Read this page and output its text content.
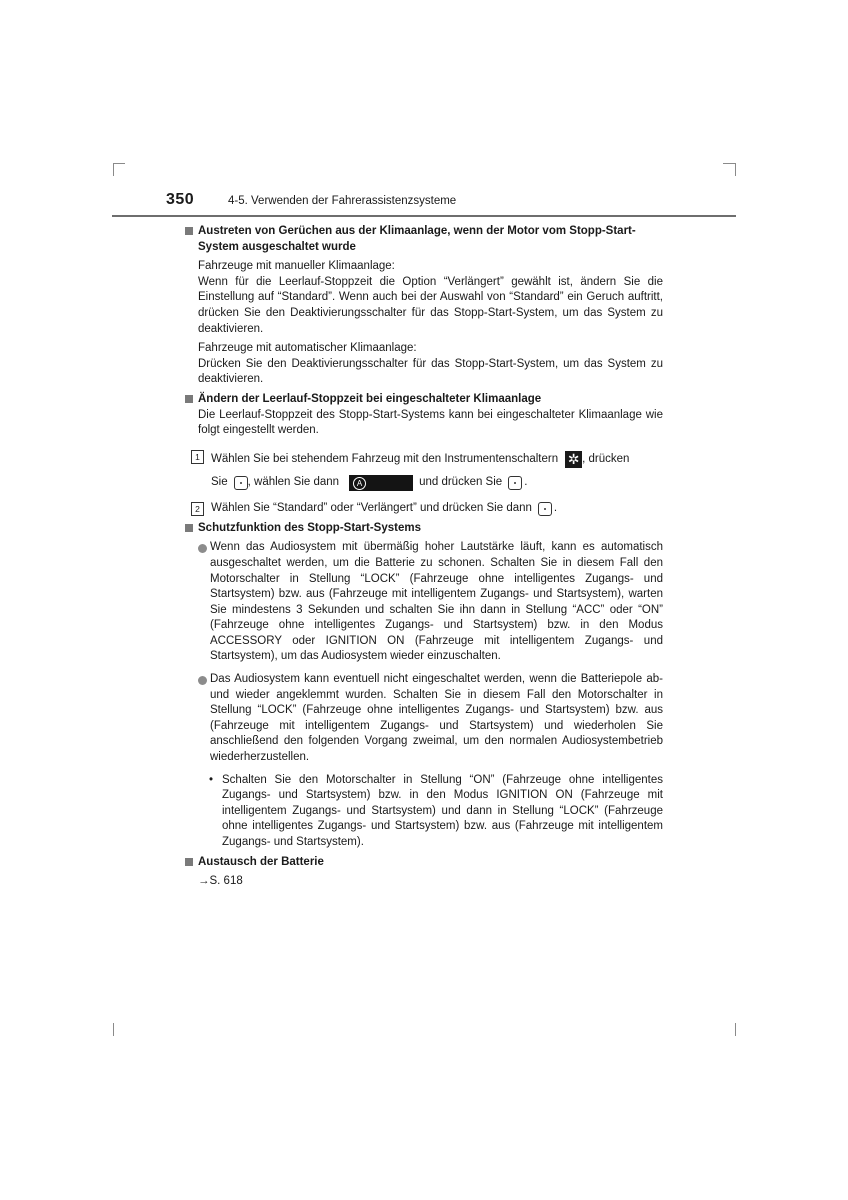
350	4-5. Verwenden der Fahrerassistenzsysteme

Austreten von Gerüchen aus der Klimaanlage, wenn der Motor vom Stopp-Start-
System ausgeschaltet wurde

Fahrzeuge mit manueller Klimaanlage:

Wenn für die Leerlauf-Stoppzeit die Option “Verlängert” gewählt ist, ändern Sie die Einstellung auf “Standard”. Wenn auch bei der Auswahl von “Standard” ein Geruch auftritt, drücken Sie den Deaktivierungsschalter für das Stopp-Start-System, um das System zu deaktivieren.

Fahrzeuge mit automatischer Klimaanlage:

Drücken Sie den Deaktivierungsschalter für das Stopp-Start-System, um das System zu deaktivieren.

Ändern der Leerlauf-Stoppzeit bei eingeschalteter Klimaanlage

Die Leerlauf-Stoppzeit des Stopp-Start-Systems kann bei eingeschalteter Klimaanlage wie folgt eingestellt werden.

1 Wählen Sie bei stehendem Fahrzeug mit den Instrumentenschaltern ✲ , drücken
Sie , wählen Sie dann	A	und drücken Sie .
2 Wählen Sie “Standard” oder “Verlängert” und drücken Sie dann .

Schutzfunktion des Stopp-Start-Systems

Wenn das Audiosystem mit übermäßig hoher Lautstärke läuft, kann es automatisch ausgeschaltet werden, um die Batterie zu schonen. Schalten Sie in diesem Fall den Motorschalter in Stellung “LOCK” (Fahrzeuge ohne intelligentes Zugangs- und Startsystem) bzw. aus (Fahrzeuge mit intelligentem Zugangs- und Startsystem), warten Sie mindestens 3 Sekunden und schalten Sie ihn dann in Stellung “ACC” oder “ON” (Fahrzeuge ohne intelligentes Zugangs- und Startsystem) bzw. in den Modus ACCESSORY oder IGNITION ON (Fahrzeuge mit intelligentem Zugangs- und Startsystem), um das Audiosystem wieder einzuschalten.

Das Audiosystem kann eventuell nicht eingeschaltet werden, wenn die Batteriepole ab- und wieder angeklemmt wurden. Schalten Sie in diesem Fall den Motorschalter in Stellung “LOCK” (Fahrzeuge ohne intelligentes Zugangs- und Startsystem) bzw. aus (Fahrzeuge mit intelligentem Zugangs- und Startsystem) und wiederholen Sie anschließend den folgenden Vorgang zweimal, um den normalen Audiosystembetrieb wiederherzustellen.

• Schalten Sie den Motorschalter in Stellung “ON” (Fahrzeuge ohne intelligentes Zugangs- und Startsystem) bzw. in den Modus IGNITION ON (Fahrzeuge mit intelligentem Zugangs- und Startsystem) und dann in Stellung “LOCK” (Fahrzeuge ohne intelligentes Zugangs- und Startsystem) bzw. aus (Fahrzeuge mit intelligentem Zugangs- und Startsystem).

Austausch der Batterie

→S. 618
